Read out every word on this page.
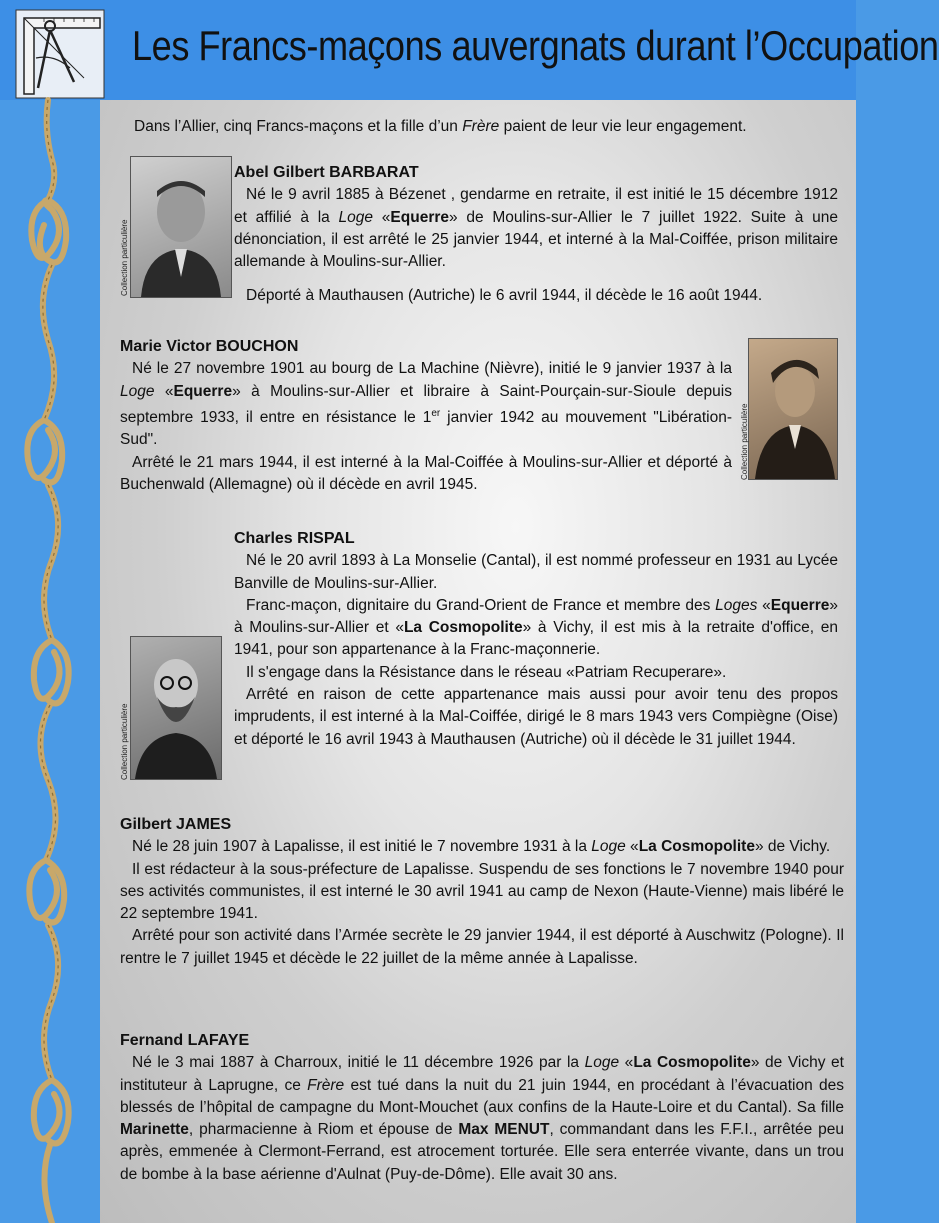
Les Francs-maçons auvergnats durant l’Occupation
Dans l’Allier, cinq Francs-maçons et la fille d’un Frère paient de leur vie leur engagement.
Collection particulière
Abel Gilbert BARBARAT

Né le 9 avril 1885 à Bézenet , gendarme en retraite, il est initié le 15 décembre 1912 et affilié à la Loge «Equerre» de Moulins-sur-Allier le 7 juillet 1922. Suite à une dénonciation, il est arrêté le 25 janvier 1944, et interné à la Mal-Coiffée, prison militaire allemande à Moulins-sur-Allier.

Déporté à Mauthausen (Autriche) le 6 avril 1944, il décède le 16 août 1944.

Marie Victor BOUCHON

Né le 27 novembre 1901 au bourg de La Machine (Nièvre), initié le 9 janvier 1937 à la Loge «Equerre» à Moulins-sur-Allier et libraire à Saint-Pourçain-sur-Sioule depuis septembre 1933, il entre en résistance le 1er janvier 1942 au mouvement "Libération-Sud".

Arrêté le 21 mars 1944, il est interné à la Mal-Coiffée à Moulins-sur-Allier et déporté à Buchenwald (Allemagne) où il décède en avril 1945.

Collection particulière
Charles RISPAL

Né le 20 avril 1893 à La Monselie (Cantal), il est nommé professeur en 1931 au Lycée Banville de Moulins-sur-Allier.

Franc-maçon, dignitaire du Grand-Orient de France et membre des Loges «Equerre» à Moulins-sur-Allier et «La Cosmopolite» à Vichy, il est mis à la retraite d'office, en 1941, pour son appartenance à la Franc-maçonnerie.

Il s'engage dans la Résistance dans le réseau «Patriam Recuperare».

Arrêté en raison de cette appartenance mais aussi pour avoir tenu des propos imprudents, il est interné à la Mal-Coiffée, dirigé le 8 mars 1943 vers Compiègne (Oise) et déporté le 16 avril 1943 à Mauthausen (Autriche) où il décède le 31 juillet 1944.

Collection particulière
Gilbert JAMES

Né le 28 juin 1907 à Lapalisse, il est initié le 7 novembre 1931 à la Loge «La Cosmopolite» de Vichy.

Il est rédacteur à la sous-préfecture de Lapalisse. Suspendu de ses fonctions le 7 novembre 1940 pour ses activités communistes, il est interné le 30 avril 1941 au camp de Nexon (Haute-Vienne) mais libéré le 22 septembre 1941.

Arrêté pour son activité dans l’Armée secrète le 29 janvier 1944, il est déporté à Auschwitz (Pologne). Il rentre le 7 juillet 1945 et décède le 22 juillet de la même année à Lapalisse.

Fernand LAFAYE

Né le 3 mai 1887 à Charroux, initié le 11 décembre 1926 par la Loge «La Cosmopolite» de Vichy et instituteur à Laprugne, ce Frère est tué dans la nuit du 21 juin 1944, en procédant à l’évacuation des blessés de l’hôpital de campagne du Mont-Mouchet (aux confins de la Haute-Loire et du Cantal). Sa fille Marinette, pharmacienne à Riom et épouse de Max MENUT, commandant dans les F.F.I., arrêtée peu après, emmenée à Clermont-Ferrand, est atrocement torturée. Elle sera enterrée vivante, dans un trou de bombe à la base aérienne d'Aulnat (Puy-de-Dôme). Elle avait 30 ans.
